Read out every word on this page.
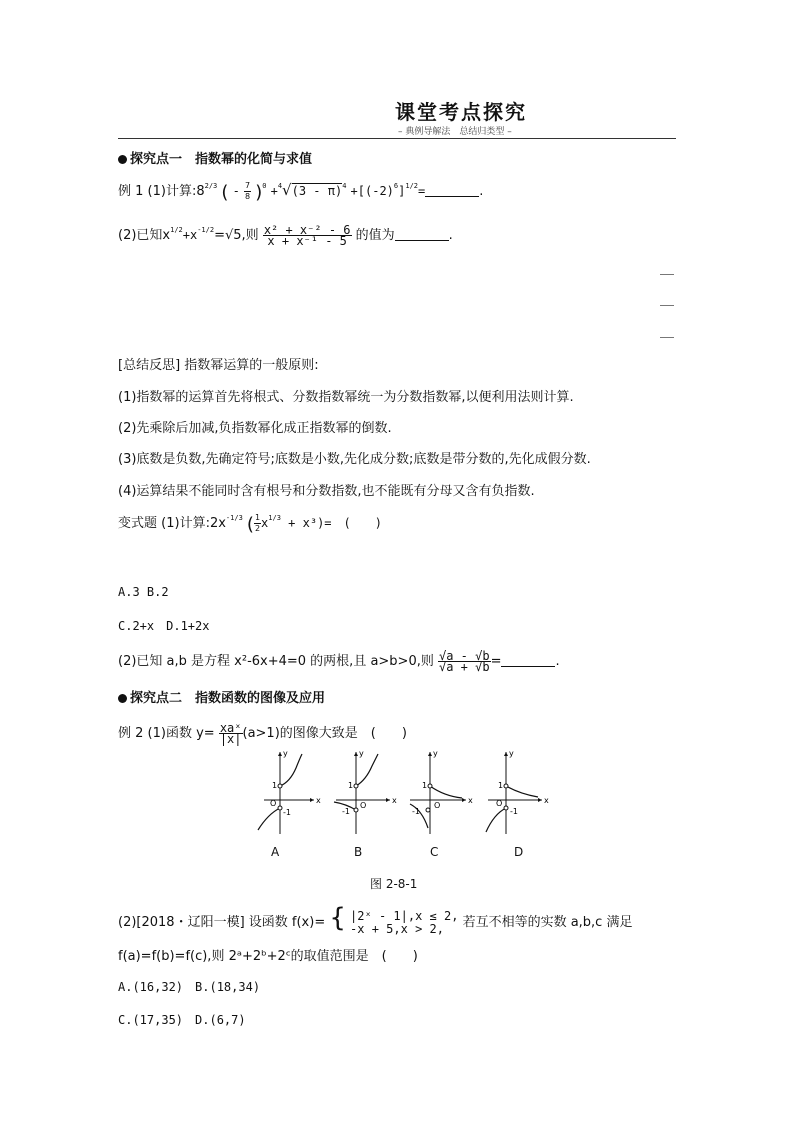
课堂考点探究
– 典例导解法　总结归类型 –
探究点一　指数幂的化简与求值
例 1 (1)计算$:8^{2/3}$ ( - $\frac{7}{8} )^0 +^4√(3 - \pi)^4 +[(-2)^6]^{1/2}=$	.
(2)已知$x^{1/2}+x^{-1/2}=√5$,则 $\frac{\text{x² + x⁻² - 6}}{\text{x + x⁻¹ - 5}}$ 的值为	.
[总结反思] 指数幂运算的一般原则:
(1)指数幂的运算首先将根式、分数指数幂统一为分数指数幂,以便利用法则计算.
(2)先乘除后加减,负指数幂化成正指数幂的倒数.
(3)底数是负数,先确定符号;底数是小数,先化成分数;底数是带分数的,先化成假分数.
(4)运算结果不能同时含有根号和分数指数,也不能既有分母又含有负指数.
变式题 (1)计算$:2x^{-1/3}$ ( $\frac{1}{2} x^{1/3} + x^3)=$　(　　)
A.3 B.2
C.2+x　D.1+2x
(2)已知 a,b 是方程 x²-6x+4=0 的两根,且 a>b>0,则 $\frac{√a - √b}{√a + √b}$ =	.
探究点二　指数函数的图像及应用
例 2 (1)函数 $y= \frac{\text{xaˣ}}{|x|} (a>1)$的图像大致是　(　　)
y
x
O
1
-1
y
x
O
1
-1
y
x
O
1
-1
y
x
O
1
-1
A	B	C	D
图 2-8-1
(2)[2018・辽阳一模] 设函数 f(x)= { |2ˣ - 1|,x ≤ 2,
-x + 5,x > 2,	若互不相等的实数 a,b,c 满足
f(a)=f(b)=f(c),则 2ᵃ+2ᵇ+2ᶜ的取值范围是　(　　)
A.(16,32)　B.(18,34)
C.(17,35)　D.(6,7)
